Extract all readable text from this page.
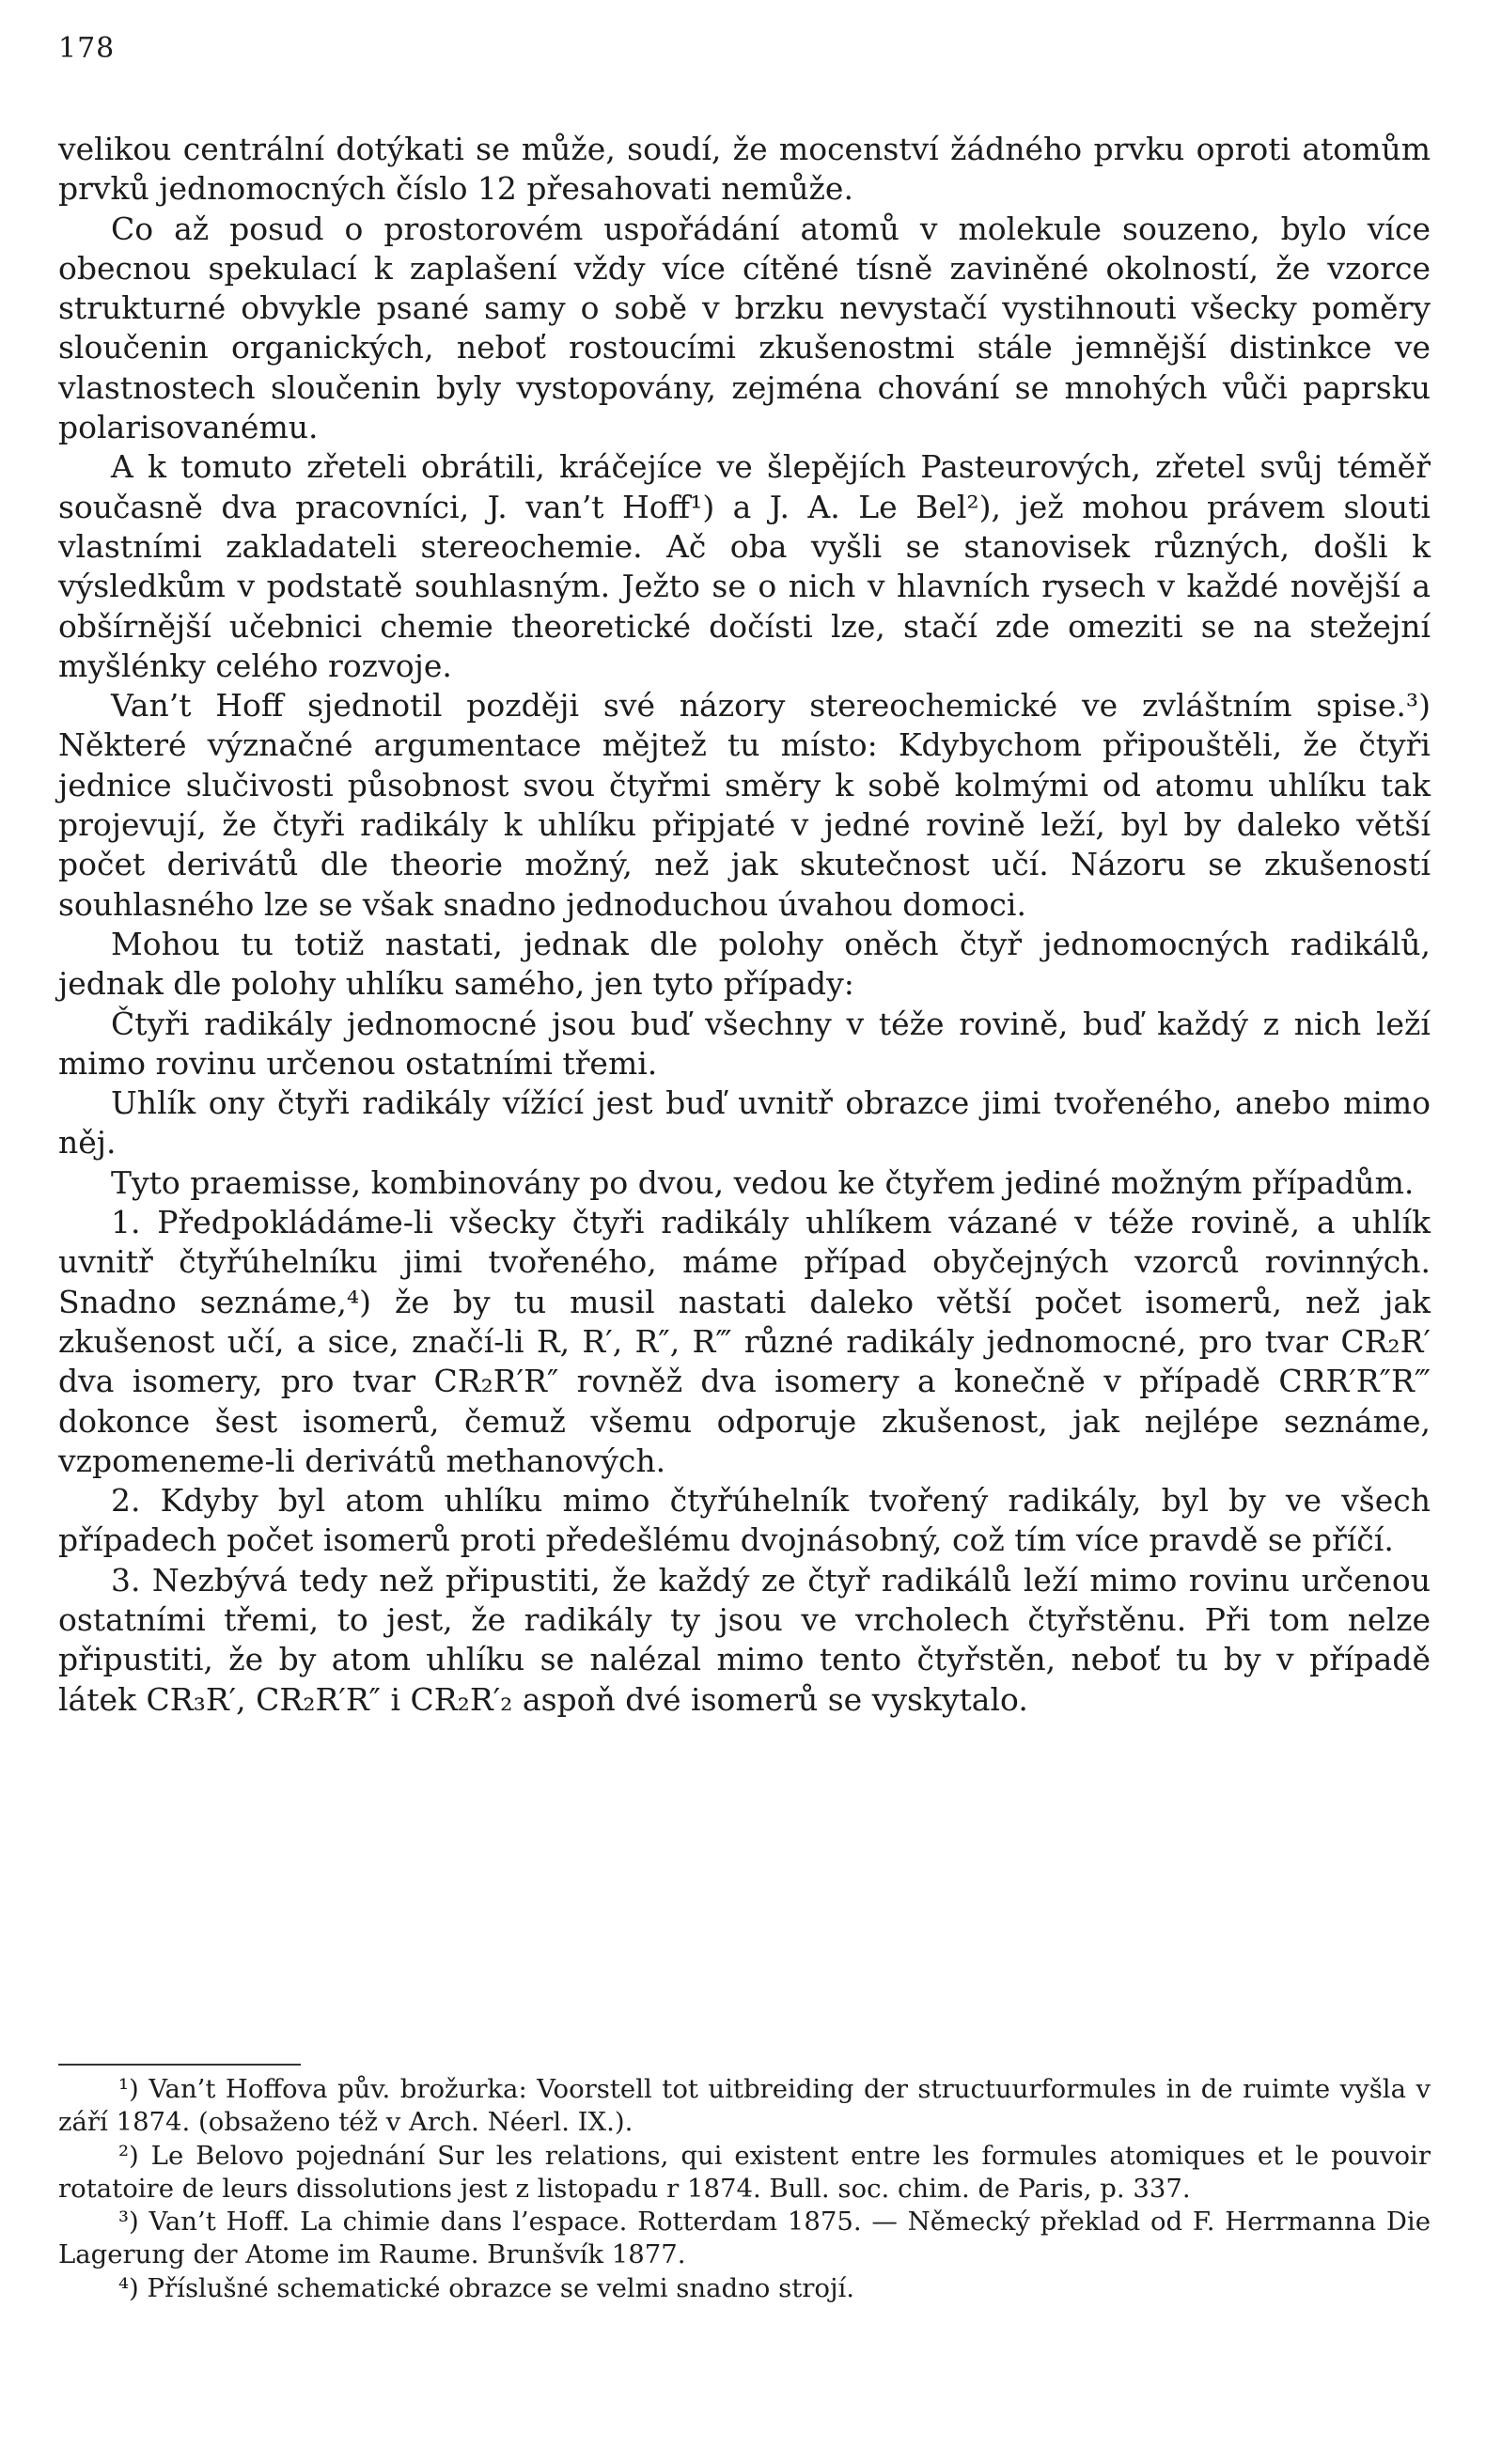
178

velikou centrální dotýkati se může, soudí, že mocenství žádného prvku oproti atomům prvků jednomocných číslo 12 přesahovati nemůže.

Co až posud o prostorovém uspořádání atomů v molekule souzeno, bylo více obecnou spekulací k zaplašení vždy více cítěné tísně zaviněné okolností, že vzorce strukturné obvykle psané samy o sobě v brzku nevystačí vystihnouti všecky poměry sloučenin organických, neboť rostoucími zkušenostmi stále jemnější distinkce ve vlastnostech sloučenin byly vystopovány, zejména chování se mnohých vůči paprsku polarisovanému.

A k tomuto zřeteli obrátili, kráčejíce ve šlepějích Pasteurových, zřetel svůj téměř současně dva pracovníci, J. van’t Hoff¹) a J. A. Le Bel²), jež mohou právem slouti vlastními zakladateli stereochemie. Ač oba vyšli se stanovisek různých, došli k výsledkům v podstatě souhlasným. Ježto se o nich v hlavních rysech v každé novější a obšírnější učebnici chemie theoretické dočísti lze, stačí zde omeziti se na stežejní myšlénky celého rozvoje.

Van’t Hoff sjednotil později své názory stereochemické ve zvláštním spise.³) Některé význačné argumentace mějtež tu místo: Kdybychom připouštěli, že čtyři jednice slučivosti působnost svou čtyřmi směry k sobě kolmými od atomu uhlíku tak projevují, že čtyři radikály k uhlíku připjaté v jedné rovině leží, byl by daleko větší počet derivátů dle theorie možný, než jak skutečnost učí. Názoru se zkušeností souhlasného lze se však snadno jednoduchou úvahou domoci.

Mohou tu totiž nastati, jednak dle polohy oněch čtyř jednomocných radikálů, jednak dle polohy uhlíku samého, jen tyto případy:

Čtyři radikály jednomocné jsou buď všechny v téže rovině, buď každý z nich leží mimo rovinu určenou ostatními třemi.

Uhlík ony čtyři radikály vížící jest buď uvnitř obrazce jimi tvořeného, anebo mimo něj.

Tyto praemisse, kombinovány po dvou, vedou ke čtyřem jediné možným případům.

1. Předpokládáme-li všecky čtyři radikály uhlíkem vázané v téže rovině, a uhlík uvnitř čtyřúhelníku jimi tvořeného, máme případ obyčejných vzorců rovinných. Snadno seznáme,⁴) že by tu musil nastati daleko větší počet isomerů, než jak zkušenost učí, a sice, značí-li R, R′, R″, R‴ různé radikály jednomocné, pro tvar CR₂R′ dva isomery, pro tvar CR₂R′R″ rovněž dva isomery a konečně v případě CRR′R″R‴ dokonce šest isomerů, čemuž všemu odporuje zkušenost, jak nejlépe seznáme, vzpomeneme-li derivátů methanových.

2. Kdyby byl atom uhlíku mimo čtyřúhelník tvořený radikály, byl by ve všech případech počet isomerů proti předešlému dvojnásobný, což tím více pravdě se příčí.

3. Nezbývá tedy než připustiti, že každý ze čtyř radikálů leží mimo rovinu určenou ostatními třemi, to jest, že radikály ty jsou ve vrcholech čtyřstěnu. Při tom nelze připustiti, že by atom uhlíku se nalézal mimo tento čtyřstěn, neboť tu by v případě látek CR₃R′, CR₂R′R″ i CR₂R′₂ aspoň dvé isomerů se vyskytalo.

¹) Van’t Hoffova pův. brožurka: Voorstell tot uitbreiding der structuurformules in de ruimte vyšla v září 1874. (obsaženo též v Arch. Néerl. IX.).

²) Le Belovo pojednání Sur les relations, qui existent entre les formules atomiques et le pouvoir rotatoire de leurs dissolutions jest z listopadu r 1874. Bull. soc. chim. de Paris, p. 337.

³) Van’t Hoff. La chimie dans l’espace. Rotterdam 1875. — Německý překlad od F. Herrmanna Die Lagerung der Atome im Raume. Brunšvík 1877.

⁴) Příslušné schematické obrazce se velmi snadno strojí.
